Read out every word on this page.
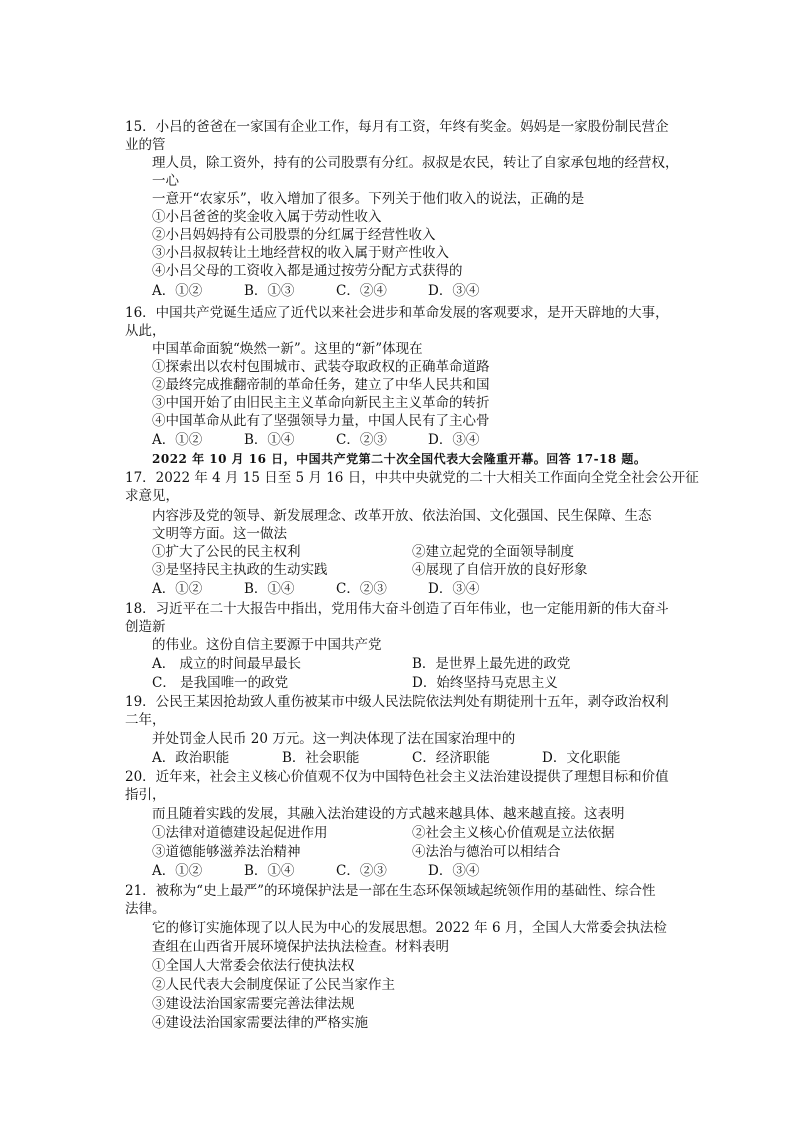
15．小吕的爸爸在一家国有企业工作，每月有工资，年终有奖金。妈妈是一家股份制民营企
业的管
理人员，除工资外，持有的公司股票有分红。叔叔是农民，转让了自家承包地的经营权，
一心
一意开“农家乐”，收入增加了很多。下列关于他们收入的说法，正确的是
①小吕爸爸的奖金收入属于劳动性收入
②小吕妈妈持有公司股票的分红属于经营性收入
③小吕叔叔转让土地经营权的收入属于财产性收入
④小吕父母的工资收入都是通过按劳分配方式获得的
A．①②	B．①③	C．②④	D．③④
16．中国共产党诞生适应了近代以来社会进步和革命发展的客观要求，是开天辟地的大事，
从此，
中国革命面貌“焕然一新”。这里的“新”体现在
①探索出以农村包围城市、武装夺取政权的正确革命道路
②最终完成推翻帝制的革命任务，建立了中华人民共和国
③中国开始了由旧民主主义革命向新民主主义革命的转折
④中国革命从此有了坚强领导力量，中国人民有了主心骨
A．①②	B．①④	C．②③	D．③④
2022 年 10 月 16 日，中国共产党第二十次全国代表大会隆重开幕。回答 17-18 题。
17．2022 年 4 月 15 日至 5 月 16 日，中共中央就党的二十大相关工作面向全党全社会公开征
求意见，
内容涉及党的领导、新发展理念、改革开放、依法治国、文化强国、民生保障、生态
文明等方面。这一做法
①扩大了公民的民主权利	②建立起党的全面领导制度
③是坚持民主执政的生动实践	④展现了自信开放的良好形象
A．①②	B．①④	C．②③	D．③④
18．习近平在二十大报告中指出，党用伟大奋斗创造了百年伟业，也一定能用新的伟大奋斗
创造新
的伟业。这份自信主要源于中国共产党
A． 成立的时间最早最长	B．是世界上最先进的政党
C． 是我国唯一的政党	D．始终坚持马克思主义
19．公民王某因抢劫致人重伤被某市中级人民法院依法判处有期徒刑十五年，剥夺政治权利
二年，
并处罚金人民币 20 万元。这一判决体现了法在国家治理中的
A．政治职能	B．社会职能	C．经济职能	D．文化职能
20．近年来，社会主义核心价值观不仅为中国特色社会主义法治建设提供了理想目标和价值
指引，
而且随着实践的发展，其融入法治建设的方式越来越具体、越来越直接。这表明
①法律对道德建设起促进作用	②社会主义核心价值观是立法依据
③道德能够滋养法治精神	④法治与德治可以相结合
A．①②	B．①④	C．②③	D．③④
21．被称为“史上最严”的环境保护法是一部在生态环保领域起统领作用的基础性、综合性
法律。
它的修订实施体现了以人民为中心的发展思想。2022 年 6 月，全国人大常委会执法检
查组在山西省开展环境保护法执法检查。材料表明
①全国人大常委会依法行使执法权
②人民代表大会制度保证了公民当家作主
③建设法治国家需要完善法律法规
④建设法治国家需要法律的严格实施
